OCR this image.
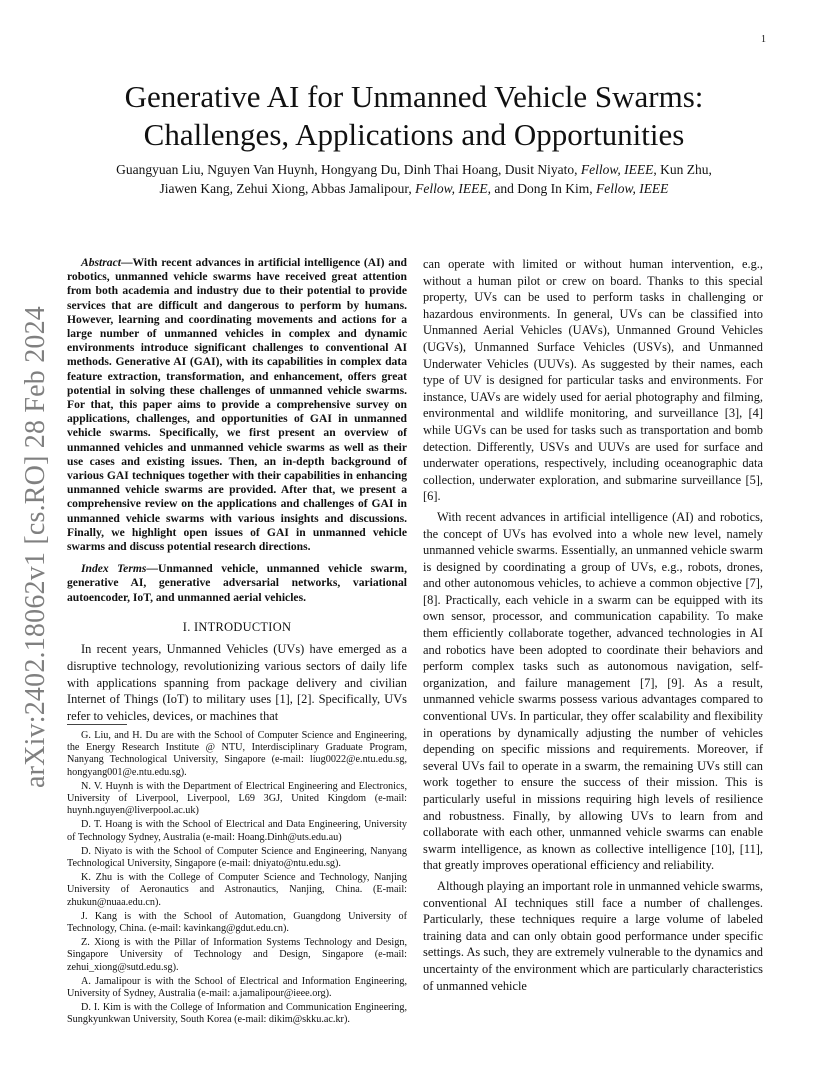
1
arXiv:2402.18062v1 [cs.RO] 28 Feb 2024
Generative AI for Unmanned Vehicle Swarms:
Challenges, Applications and Opportunities
Guangyuan Liu, Nguyen Van Huynh, Hongyang Du, Dinh Thai Hoang, Dusit Niyato, Fellow, IEEE, Kun Zhu,
Jiawen Kang, Zehui Xiong, Abbas Jamalipour, Fellow, IEEE, and Dong In Kim, Fellow, IEEE

Abstract—With recent advances in artificial intelligence (AI) and robotics, unmanned vehicle swarms have received great attention from both academia and industry due to their potential to provide services that are difficult and dangerous to perform by humans. However, learning and coordinating movements and actions for a large number of unmanned vehicles in complex and dynamic environments introduce significant challenges to conventional AI methods. Generative AI (GAI), with its capabilities in complex data feature extraction, transformation, and enhancement, offers great potential in solving these challenges of unmanned vehicle swarms. For that, this paper aims to provide a comprehensive survey on applications, challenges, and opportunities of GAI in unmanned vehicle swarms. Specifically, we first present an overview of unmanned vehicles and unmanned vehicle swarms as well as their use cases and existing issues. Then, an in-depth background of various GAI techniques together with their capabilities in enhancing unmanned vehicle swarms are provided. After that, we present a comprehensive review on the applications and challenges of GAI in unmanned vehicle swarms with various insights and discussions. Finally, we highlight open issues of GAI in unmanned vehicle swarms and discuss potential research directions.

Index Terms—Unmanned vehicle, unmanned vehicle swarm, generative AI, generative adversarial networks, variational autoencoder, IoT, and unmanned aerial vehicles.

I. INTRODUCTION

In recent years, Unmanned Vehicles (UVs) have emerged as a disruptive technology, revolutionizing various sectors of daily life with applications spanning from package delivery and civilian Internet of Things (IoT) to military uses [1], [2]. Specifically, UVs refer to vehicles, devices, or machines that

G. Liu, and H. Du are with the School of Computer Science and Engineering, the Energy Research Institute @ NTU, Interdisciplinary Graduate Program, Nanyang Technological University, Singapore (e-mail: liug0022@e.ntu.edu.sg, hongyang001@e.ntu.edu.sg).

N. V. Huynh is with the Department of Electrical Engineering and Electronics, University of Liverpool, Liverpool, L69 3GJ, United Kingdom (e-mail: huynh.nguyen@liverpool.ac.uk)

D. T. Hoang is with the School of Electrical and Data Engineering, University of Technology Sydney, Australia (e-mail: Hoang.Dinh@uts.edu.au)

D. Niyato is with the School of Computer Science and Engineering, Nanyang Technological University, Singapore (e-mail: dniyato@ntu.edu.sg).

K. Zhu is with the College of Computer Science and Technology, Nanjing University of Aeronautics and Astronautics, Nanjing, China. (E-mail: zhukun@nuaa.edu.cn).

J. Kang is with the School of Automation, Guangdong University of Technology, China. (e-mail: kavinkang@gdut.edu.cn).

Z. Xiong is with the Pillar of Information Systems Technology and Design, Singapore University of Technology and Design, Singapore (e-mail: zehui_xiong@sutd.edu.sg).

A. Jamalipour is with the School of Electrical and Information Engineering, University of Sydney, Australia (e-mail: a.jamalipour@ieee.org).

D. I. Kim is with the College of Information and Communication Engineering, Sungkyunkwan University, South Korea (e-mail: dikim@skku.ac.kr).

can operate with limited or without human intervention, e.g., without a human pilot or crew on board. Thanks to this special property, UVs can be used to perform tasks in challenging or hazardous environments. In general, UVs can be classified into Unmanned Aerial Vehicles (UAVs), Unmanned Ground Vehicles (UGVs), Unmanned Surface Vehicles (USVs), and Unmanned Underwater Vehicles (UUVs). As suggested by their names, each type of UV is designed for particular tasks and environments. For instance, UAVs are widely used for aerial photography and filming, environmental and wildlife monitoring, and surveillance [3], [4] while UGVs can be used for tasks such as transportation and bomb detection. Differently, USVs and UUVs are used for surface and underwater operations, respectively, including oceanographic data collection, underwater exploration, and submarine surveillance [5], [6].

With recent advances in artificial intelligence (AI) and robotics, the concept of UVs has evolved into a whole new level, namely unmanned vehicle swarms. Essentially, an unmanned vehicle swarm is designed by coordinating a group of UVs, e.g., robots, drones, and other autonomous vehicles, to achieve a common objective [7], [8]. Practically, each vehicle in a swarm can be equipped with its own sensor, processor, and communication capability. To make them efficiently collaborate together, advanced technologies in AI and robotics have been adopted to coordinate their behaviors and perform complex tasks such as autonomous navigation, self-organization, and failure management [7], [9]. As a result, unmanned vehicle swarms possess various advantages compared to conventional UVs. In particular, they offer scalability and flexibility in operations by dynamically adjusting the number of vehicles depending on specific missions and requirements. Moreover, if several UVs fail to operate in a swarm, the remaining UVs still can work together to ensure the success of their mission. This is particularly useful in missions requiring high levels of resilience and robustness. Finally, by allowing UVs to learn from and collaborate with each other, unmanned vehicle swarms can enable swarm intelligence, as known as collective intelligence [10], [11], that greatly improves operational efficiency and reliability.

Although playing an important role in unmanned vehicle swarms, conventional AI techniques still face a number of challenges. Particularly, these techniques require a large volume of labeled training data and can only obtain good performance under specific settings. As such, they are extremely vulnerable to the dynamics and uncertainty of the environment which are particularly characteristics of unmanned vehicle
